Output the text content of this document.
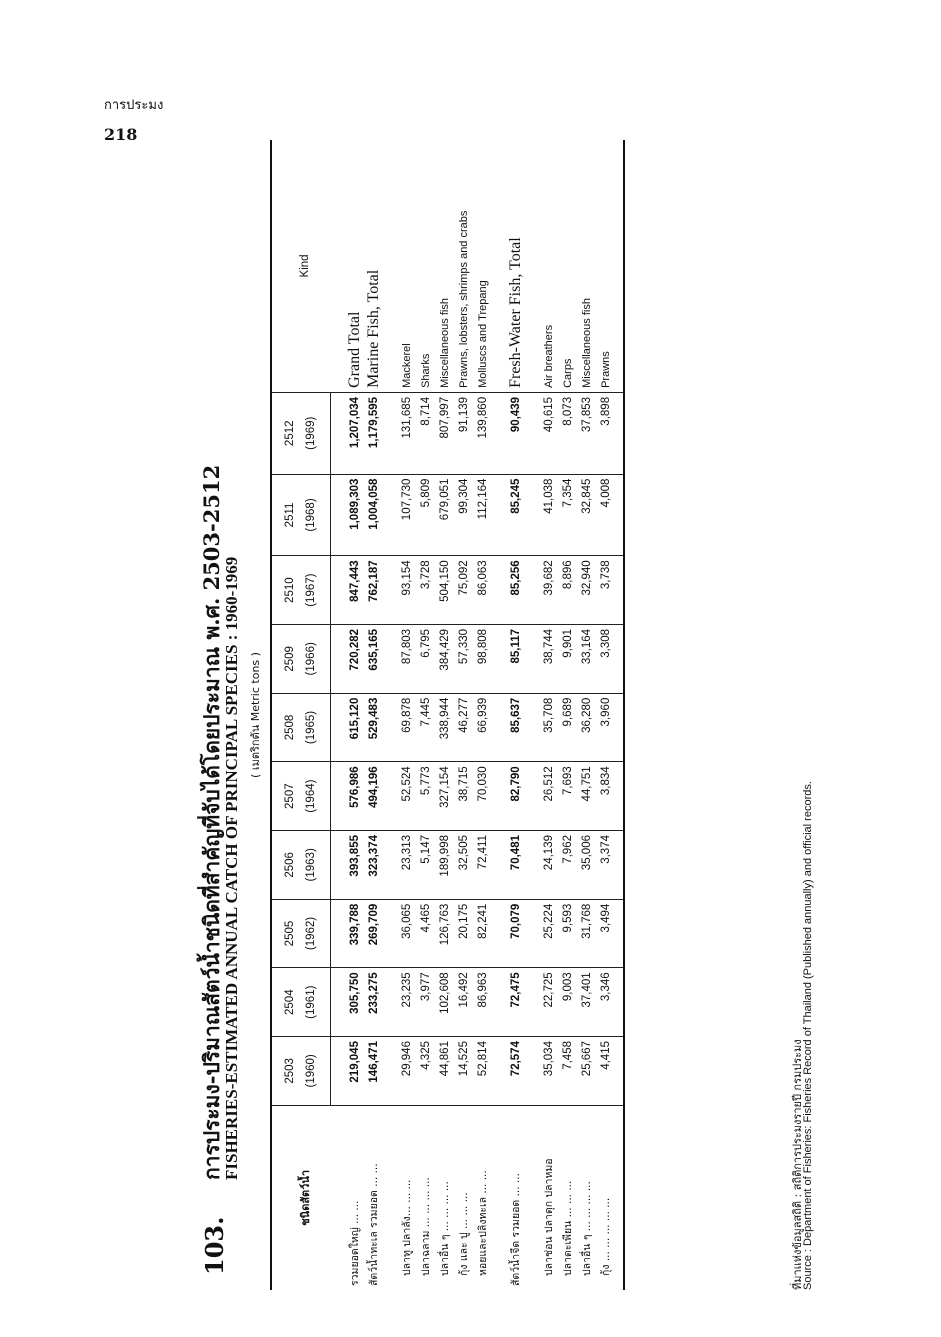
การประมง
218
103.
การประมง-ปริมาณสัตว์น้ำชนิดที่สำคัญที่จับได้โดยประมาณ พ.ศ. 2503-2512
FISHERIES-ESTIMATED ANNUAL CATCH OF PRINCIPAL SPECIES : 1960-1969 ( เมตริกตัน Metric tons )
ชนิดสัตว์น้ำ	2503	2504	2505	2506	2507	2508	2509	2510	2511	2512	Kind
	(1960)	(1961)	(1962)	(1963)	(1964)	(1965)	(1966)	(1967)	(1968)	(1969)	

รวมยอดใหญ่ ... ...	219,045	305,750	339,788	393,855	576,986	615,120	720,282	847,443	1,089,303	1,207,034	Grand Total
สัตว์น้ำทะเล รวมยอด ... ...	146,471	233,275	269,709	323,374	494,196	529,483	635,165	762,187	1,004,058	1,179,595	Marine Fish, Total

ปลาทู ปลาลัง... ... ...	29,946	23,235	36,065	23,313	52,524	69,878	87,803	93,154	107,730	131,685	Mackerel
ปลาฉลาม ... ... ... ...	4,325	3,977	4,465	5,147	5,773	7,445	6,795	3,728	5,809	8,714	Sharks
ปลาอื่น ๆ ... ... ... ...	44,861	102,608	126,763	189,998	327,154	338,944	384,429	504,150	679,051	807,997	Miscellaneous fish
กุ้ง และ ปู ... ... ...	14,525	16,492	20,175	32,505	38,715	46,277	57,330	75,092	99,304	91,139	Prawns, lobsters, shrimps and crabs
หอยและปลิงทะเล ... ...	52,814	86,963	82,241	72,411	70,030	66,939	98,808	86,063	112,164	139,860	Molluscs and Trepang

สัตว์น้ำจืด รวมยอด ... ...	72,574	72,475	70,079	70,481	82,790	85,637	85,117	85,256	85,245	90,439	Fresh-Water Fish, Total

ปลาช่อน ปลาดุก ปลาหมอ	35,034	22,725	25,224	24,139	26,512	35,708	38,744	39,682	41,038	40,615	Air breathers
ปลาตะเพียน ... ... ...	7,458	9,003	9,593	7,962	7,693	9,689	9,901	8,896	7,354	8,073	Carps
ปลาอื่น ๆ ... ... ... ...	25,667	37,401	31,768	35,006	44,751	36,280	33,164	32,940	32,845	37,853	Miscellaneous fish
กุ้ง ... ... ... ... ...	4,415	3,346	3,494	3,374	3,834	3,960	3,308	3,738	4,008	3,898	Prawns
ที่มาแห่งข้อมูลสถิติ : สถิติการประมงรายปี กรมประมง
Source : Department of Fisheries: Fisheries Record of Thailand (Published annually) and official records.
